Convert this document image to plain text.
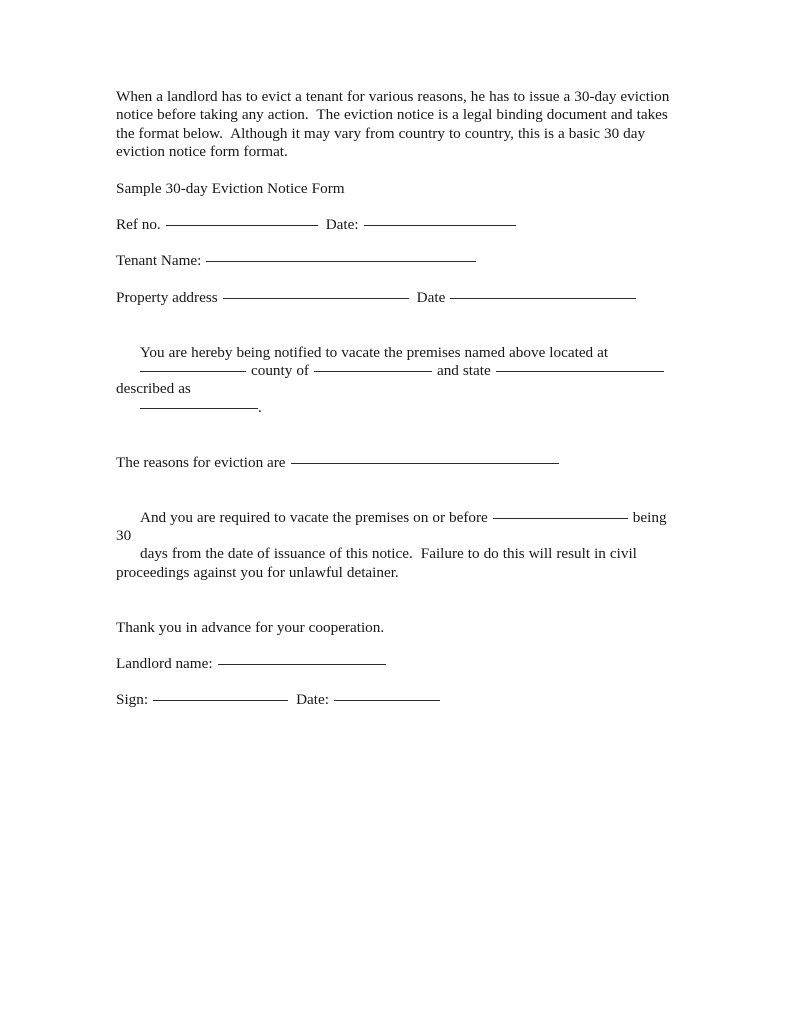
When a landlord has to evict a tenant for various reasons, he has to issue a 30-day eviction notice before taking any action.  The eviction notice is a legal binding document and takes the format below.  Although it may vary from country to country, this is a basic 30 day eviction notice form format.

Sample 30-day Eviction Notice Form

Ref no.	Date:
Tenant Name:
Property address	Date

You are hereby being notified to vacate the premises named above located at
county of	and statedescribed as
.

The reasons for eviction are

And you are required to vacate the premises on or before	being 30
days from the date of issuance of this notice.  Failure to do this will result in civil proceedings against you for unlawful detainer.

Thank you in advance for your cooperation.

Landlord name:
Sign:	Date:
